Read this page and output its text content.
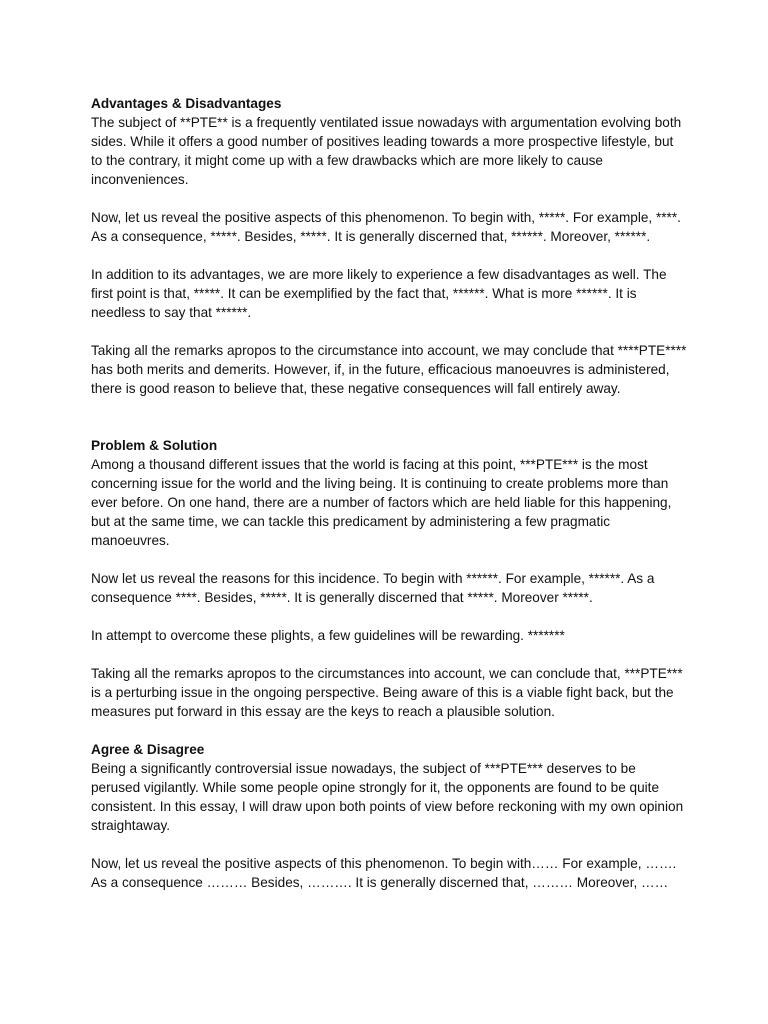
Advantages & Disadvantages

The subject of **PTE** is a frequently ventilated issue nowadays with argumentation evolving both sides. While it offers a good number of positives leading towards a more prospective lifestyle, but to the contrary, it might come up with a few drawbacks which are more likely to cause inconveniences.

Now, let us reveal the positive aspects of this phenomenon. To begin with, *****. For example, ****. As a consequence, *****. Besides, *****. It is generally discerned that, ******. Moreover, ******.

In addition to its advantages, we are more likely to experience a few disadvantages as well. The first point is that, *****. It can be exemplified by the fact that, ******. What is more ******. It is needless to say that ******.

Taking all the remarks apropos to the circumstance into account, we may conclude that ****PTE**** has both merits and demerits. However, if, in the future, efficacious manoeuvres is administered, there is good reason to believe that, these negative consequences will fall entirely away.

Problem & Solution

Among a thousand different issues that the world is facing at this point, ***PTE*** is the most concerning issue for the world and the living being. It is continuing to create problems more than ever before. On one hand, there are a number of factors which are held liable for this happening, but at the same time, we can tackle this predicament by administering a few pragmatic manoeuvres.

Now let us reveal the reasons for this incidence. To begin with ******. For example, ******. As a consequence ****. Besides, *****. It is generally discerned that *****. Moreover *****.

In attempt to overcome these plights, a few guidelines will be rewarding. *******

Taking all the remarks apropos to the circumstances into account, we can conclude that, ***PTE*** is a perturbing issue in the ongoing perspective. Being aware of this is a viable fight back, but the measures put forward in this essay are the keys to reach a plausible solution.

Agree & Disagree

Being a significantly controversial issue nowadays, the subject of ***PTE*** deserves to be perused vigilantly. While some people opine strongly for it, the opponents are found to be quite consistent. In this essay, I will draw upon both points of view before reckoning with my own opinion straightaway.

Now, let us reveal the positive aspects of this phenomenon. To begin with…… For example, ……. As a consequence ……… Besides, ………. It is generally discerned that, ……… Moreover, ……
